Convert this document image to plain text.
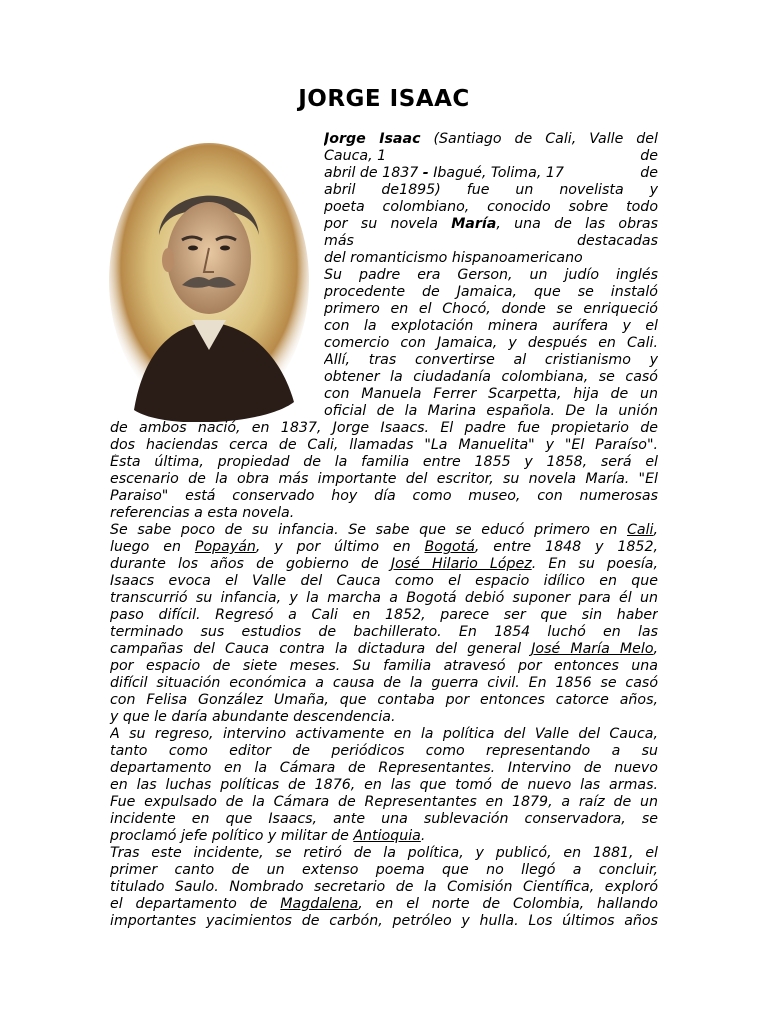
JORGE ISAAC
Jorge Isaac (Santiago de Cali, Valle del
Cauca, 1	de
abril de 1837 - Ibagué, Tolima, 17	de
abril de1895) fue un novelista y
poeta colombiano, conocido sobre todo
por su novela María, una de las obras
más	destacadas
del romanticismo hispanoamericano
Su padre era Gerson, un judío inglés
procedente de Jamaica, que se instaló
primero en el Chocó, donde se enriqueció
con la explotación minera aurífera y el
comercio con Jamaica, y después en Cali.
Allí, tras convertirse al cristianismo y
obtener la ciudadanía colombiana, se casó
con Manuela Ferrer Scarpetta, hija de un
oficial de la Marina española. De la unión
de ambos nació, en 1837, Jorge Isaacs. El padre fue propietario de
dos haciendas cerca de Cali, llamadas "La Manuelita" y "El Paraíso".
Ésta última, propiedad de la familia entre 1855 y 1858, será el
escenario de la obra más importante del escritor, su novela María. "El
Paraiso" está conservado hoy día como museo, con numerosas
referencias a esta novela.
Se sabe poco de su infancia. Se sabe que se educó primero en Cali,
luego en Popayán, y por último en Bogotá, entre 1848 y 1852,
durante los años de gobierno de José Hilario López. En su poesía,
Isaacs evoca el Valle del Cauca como el espacio idílico en que
transcurrió su infancia, y la marcha a Bogotá debió suponer para él un
paso difícil. Regresó a Cali en 1852, parece ser que sin haber
terminado sus estudios de bachillerato. En 1854 luchó en las
campañas del Cauca contra la dictadura del general José María Melo,
por espacio de siete meses. Su familia atravesó por entonces una
difícil situación económica a causa de la guerra civil. En 1856 se casó
con Felisa González Umaña, que contaba por entonces catorce años,
y que le daría abundante descendencia.
A su regreso, intervino activamente en la política del Valle del Cauca,
tanto como editor de periódicos como representando a su
departamento en la Cámara de Representantes. Intervino de nuevo
en las luchas políticas de 1876, en las que tomó de nuevo las armas.
Fue expulsado de la Cámara de Representantes en 1879, a raíz de un
incidente en que Isaacs, ante una sublevación conservadora, se
proclamó jefe político y militar de Antioquia.
Tras este incidente, se retiró de la política, y publicó, en 1881, el
primer canto de un extenso poema que no llegó a concluir,
titulado Saulo. Nombrado secretario de la Comisión Científica, exploró
el departamento de Magdalena, en el norte de Colombia, hallando
importantes yacimientos de carbón, petróleo y hulla. Los últimos años
